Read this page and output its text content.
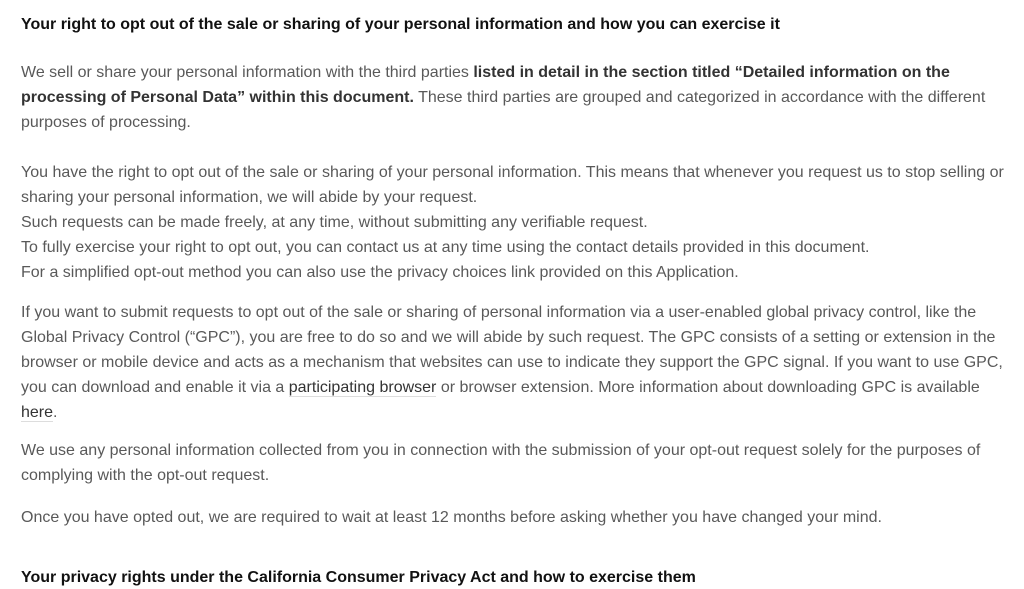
Your right to opt out of the sale or sharing of your personal information and how you can exercise it

We sell or share your personal information with the third parties listed in detail in the section titled “Detailed information on the processing of Personal Data” within this document. These third parties are grouped and categorized in accordance with the different purposes of processing.

You have the right to opt out of the sale or sharing of your personal information. This means that whenever you request us to stop selling or sharing your personal information, we will abide by your request.
Such requests can be made freely, at any time, without submitting any verifiable request.
To fully exercise your right to opt out, you can contact us at any time using the contact details provided in this document.
For a simplified opt-out method you can also use the privacy choices link provided on this Application.

If you want to submit requests to opt out of the sale or sharing of personal information via a user-enabled global privacy control, like the Global Privacy Control (“GPC”), you are free to do so and we will abide by such request. The GPC consists of a setting or extension in the browser or mobile device and acts as a mechanism that websites can use to indicate they support the GPC signal. If you want to use GPC, you can download and enable it via a participating browser or browser extension. More information about downloading GPC is available here.

We use any personal information collected from you in connection with the submission of your opt-out request solely for the purposes of complying with the opt-out request.

Once you have opted out, we are required to wait at least 12 months before asking whether you have changed your mind.

Your privacy rights under the California Consumer Privacy Act and how to exercise them
